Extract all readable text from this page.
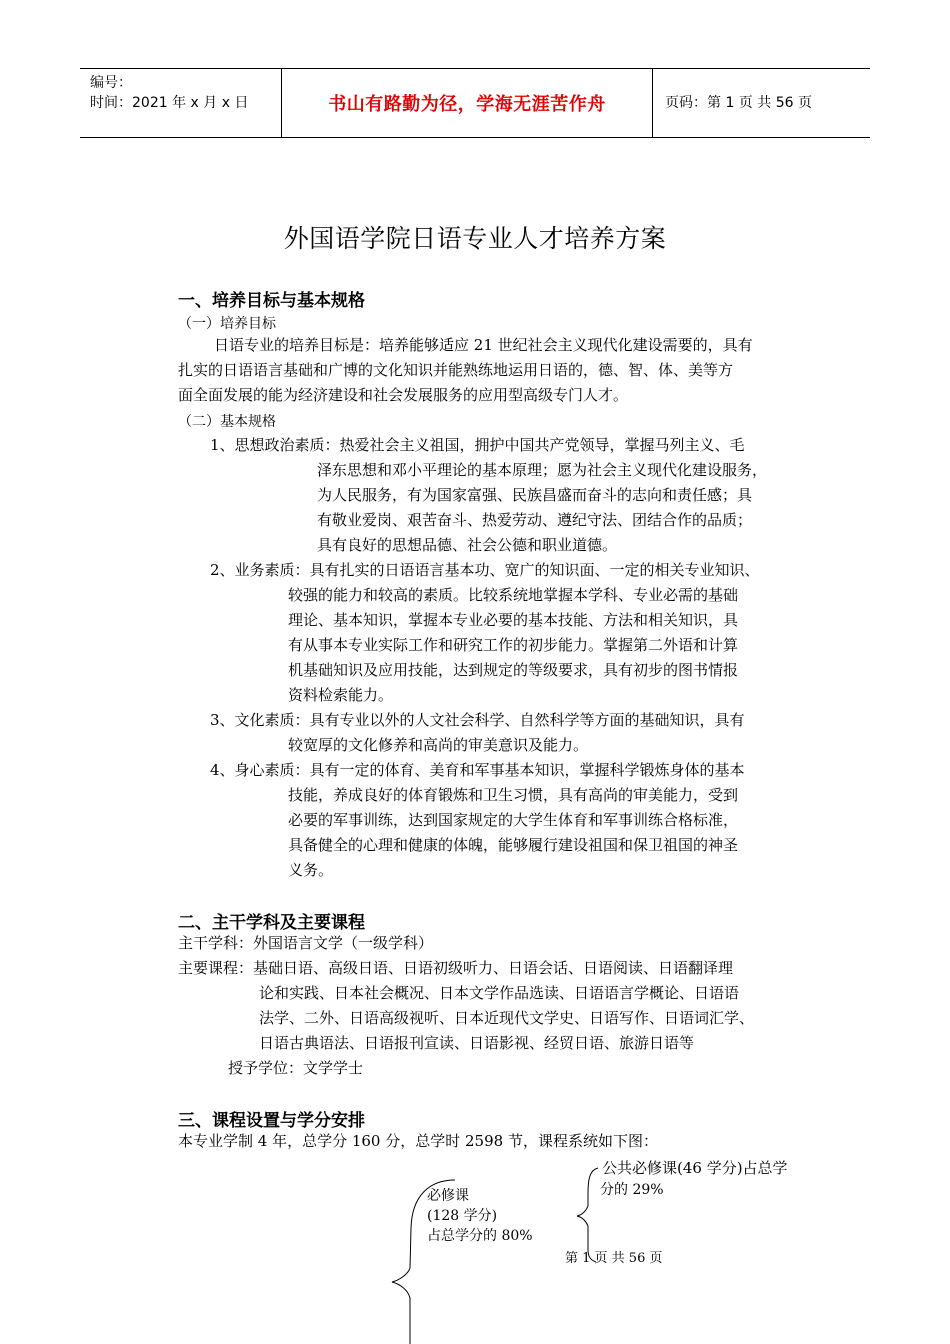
编号：
时间：2021 年 x 月 x 日	书山有路勤为径，学海无涯苦作舟	页码：第 1 页 共 56 页
外国语学院日语专业人才培养方案
一、培养目标与基本规格
（一）培养目标
日语专业的培养目标是：培养能够适应 21 世纪社会主义现代化建设需要的，具有
扎实的日语语言基础和广博的文化知识并能熟练地运用日语的，德、智、体、美等方
面全面发展的能为经济建设和社会发展服务的应用型高级专门人才。
（二）基本规格
1、思想政治素质：热爱社会主义祖国，拥护中国共产党领导，掌握马列主义、毛
泽东思想和邓小平理论的基本原理；愿为社会主义现代化建设服务，
为人民服务，有为国家富强、民族昌盛而奋斗的志向和责任感；具
有敬业爱岗、艰苦奋斗、热爱劳动、遵纪守法、团结合作的品质；
具有良好的思想品德、社会公德和职业道德。
2、业务素质：具有扎实的日语语言基本功、宽广的知识面、一定的相关专业知识、
较强的能力和较高的素质。比较系统地掌握本学科、专业必需的基础
理论、基本知识，掌握本专业必要的基本技能、方法和相关知识，具
有从事本专业实际工作和研究工作的初步能力。掌握第二外语和计算
机基础知识及应用技能，达到规定的等级要求，具有初步的图书情报
资料检索能力。
3、文化素质：具有专业以外的人文社会科学、自然科学等方面的基础知识，具有
较宽厚的文化修养和高尚的审美意识及能力。
4、身心素质：具有一定的体育、美育和军事基本知识，掌握科学锻炼身体的基本
技能，养成良好的体育锻炼和卫生习惯，具有高尚的审美能力，受到
必要的军事训练，达到国家规定的大学生体育和军事训练合格标准，
具备健全的心理和健康的体魄，能够履行建设祖国和保卫祖国的神圣
义务。
二、主干学科及主要课程
主干学科：外国语言文学（一级学科）
主要课程：基础日语、高级日语、日语初级听力、日语会话、日语阅读、日语翻译理
论和实践、日本社会概况、日本文学作品选读、日语语言学概论、日语语
法学、二外、日语高级视听、日本近现代文学史、日语写作、日语词汇学、
日语古典语法、日语报刊宣读、日语影视、经贸日语、旅游日语等
授予学位：文学学士
三、课程设置与学分安排
本专业学制 4 年，总学分 160 分，总学时 2598 节，课程系统如下图：
必修课
(128 学分)
占总学分的 80%
公共必修课(46 学分)占总学
分的 29%
第 1 页 共 56 页
